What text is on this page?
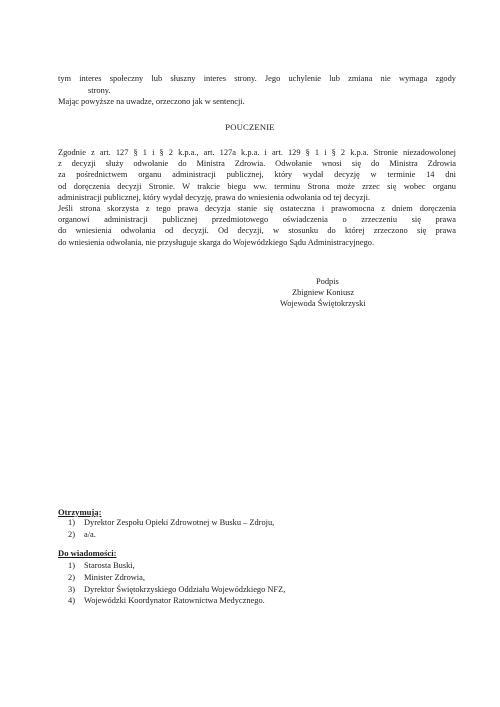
tym interes społeczny lub słuszny interes strony. Jego uchylenie lub zmiana nie wymaga zgody
strony.
Mając powyższe na uwadze, orzeczono jak w sentencji.
POUCZENIE
Zgodnie z art. 127 § 1 i § 2 k.p.a., art. 127a k.p.a. i art. 129 § 1 i § 2 k.p.a. Stronie niezadowolonej
z decyzji służy odwołanie do Ministra Zdrowia. Odwołanie wnosi się do Ministra Zdrowia
za pośrednictwem organu administracji publicznej, który wydał decyzję w terminie 14 dni
od doręczenia decyzji Stronie. W trakcie biegu ww. terminu Strona może zrzec się wobec organu
administracji publicznej, który wydał decyzję, prawa do wniesienia odwołania od tej decyzji.
Jeśli strona skorzysta z tego prawa decyzja stanie się ostateczna i prawomocna z dniem doręczenia
organowi administracji publicznej przedmiotowego oświadczenia o zrzeczeniu się prawa
do wniesienia odwołania od decyzji. Od decyzji, w stosunku do której zrzeczono się prawa
do wniesienia odwołania, nie przysługuje skarga do Wojewódzkiego Sądu Administracyjnego.
Podpis
Zbigniew Koniusz
Wojewoda Świętokrzyski
Otrzymują:
1) Dyrektor Zespołu Opieki Zdrowotnej w Busku – Zdroju,
2) a/a.
Do wiadomości:
1) Starosta Buski,
2) Minister Zdrowia,
3) Dyrektor Świętokrzyskiego Oddziału Wojewódzkiego NFZ,
4) Wojewódzki Koordynator Ratownictwa Medycznego.
